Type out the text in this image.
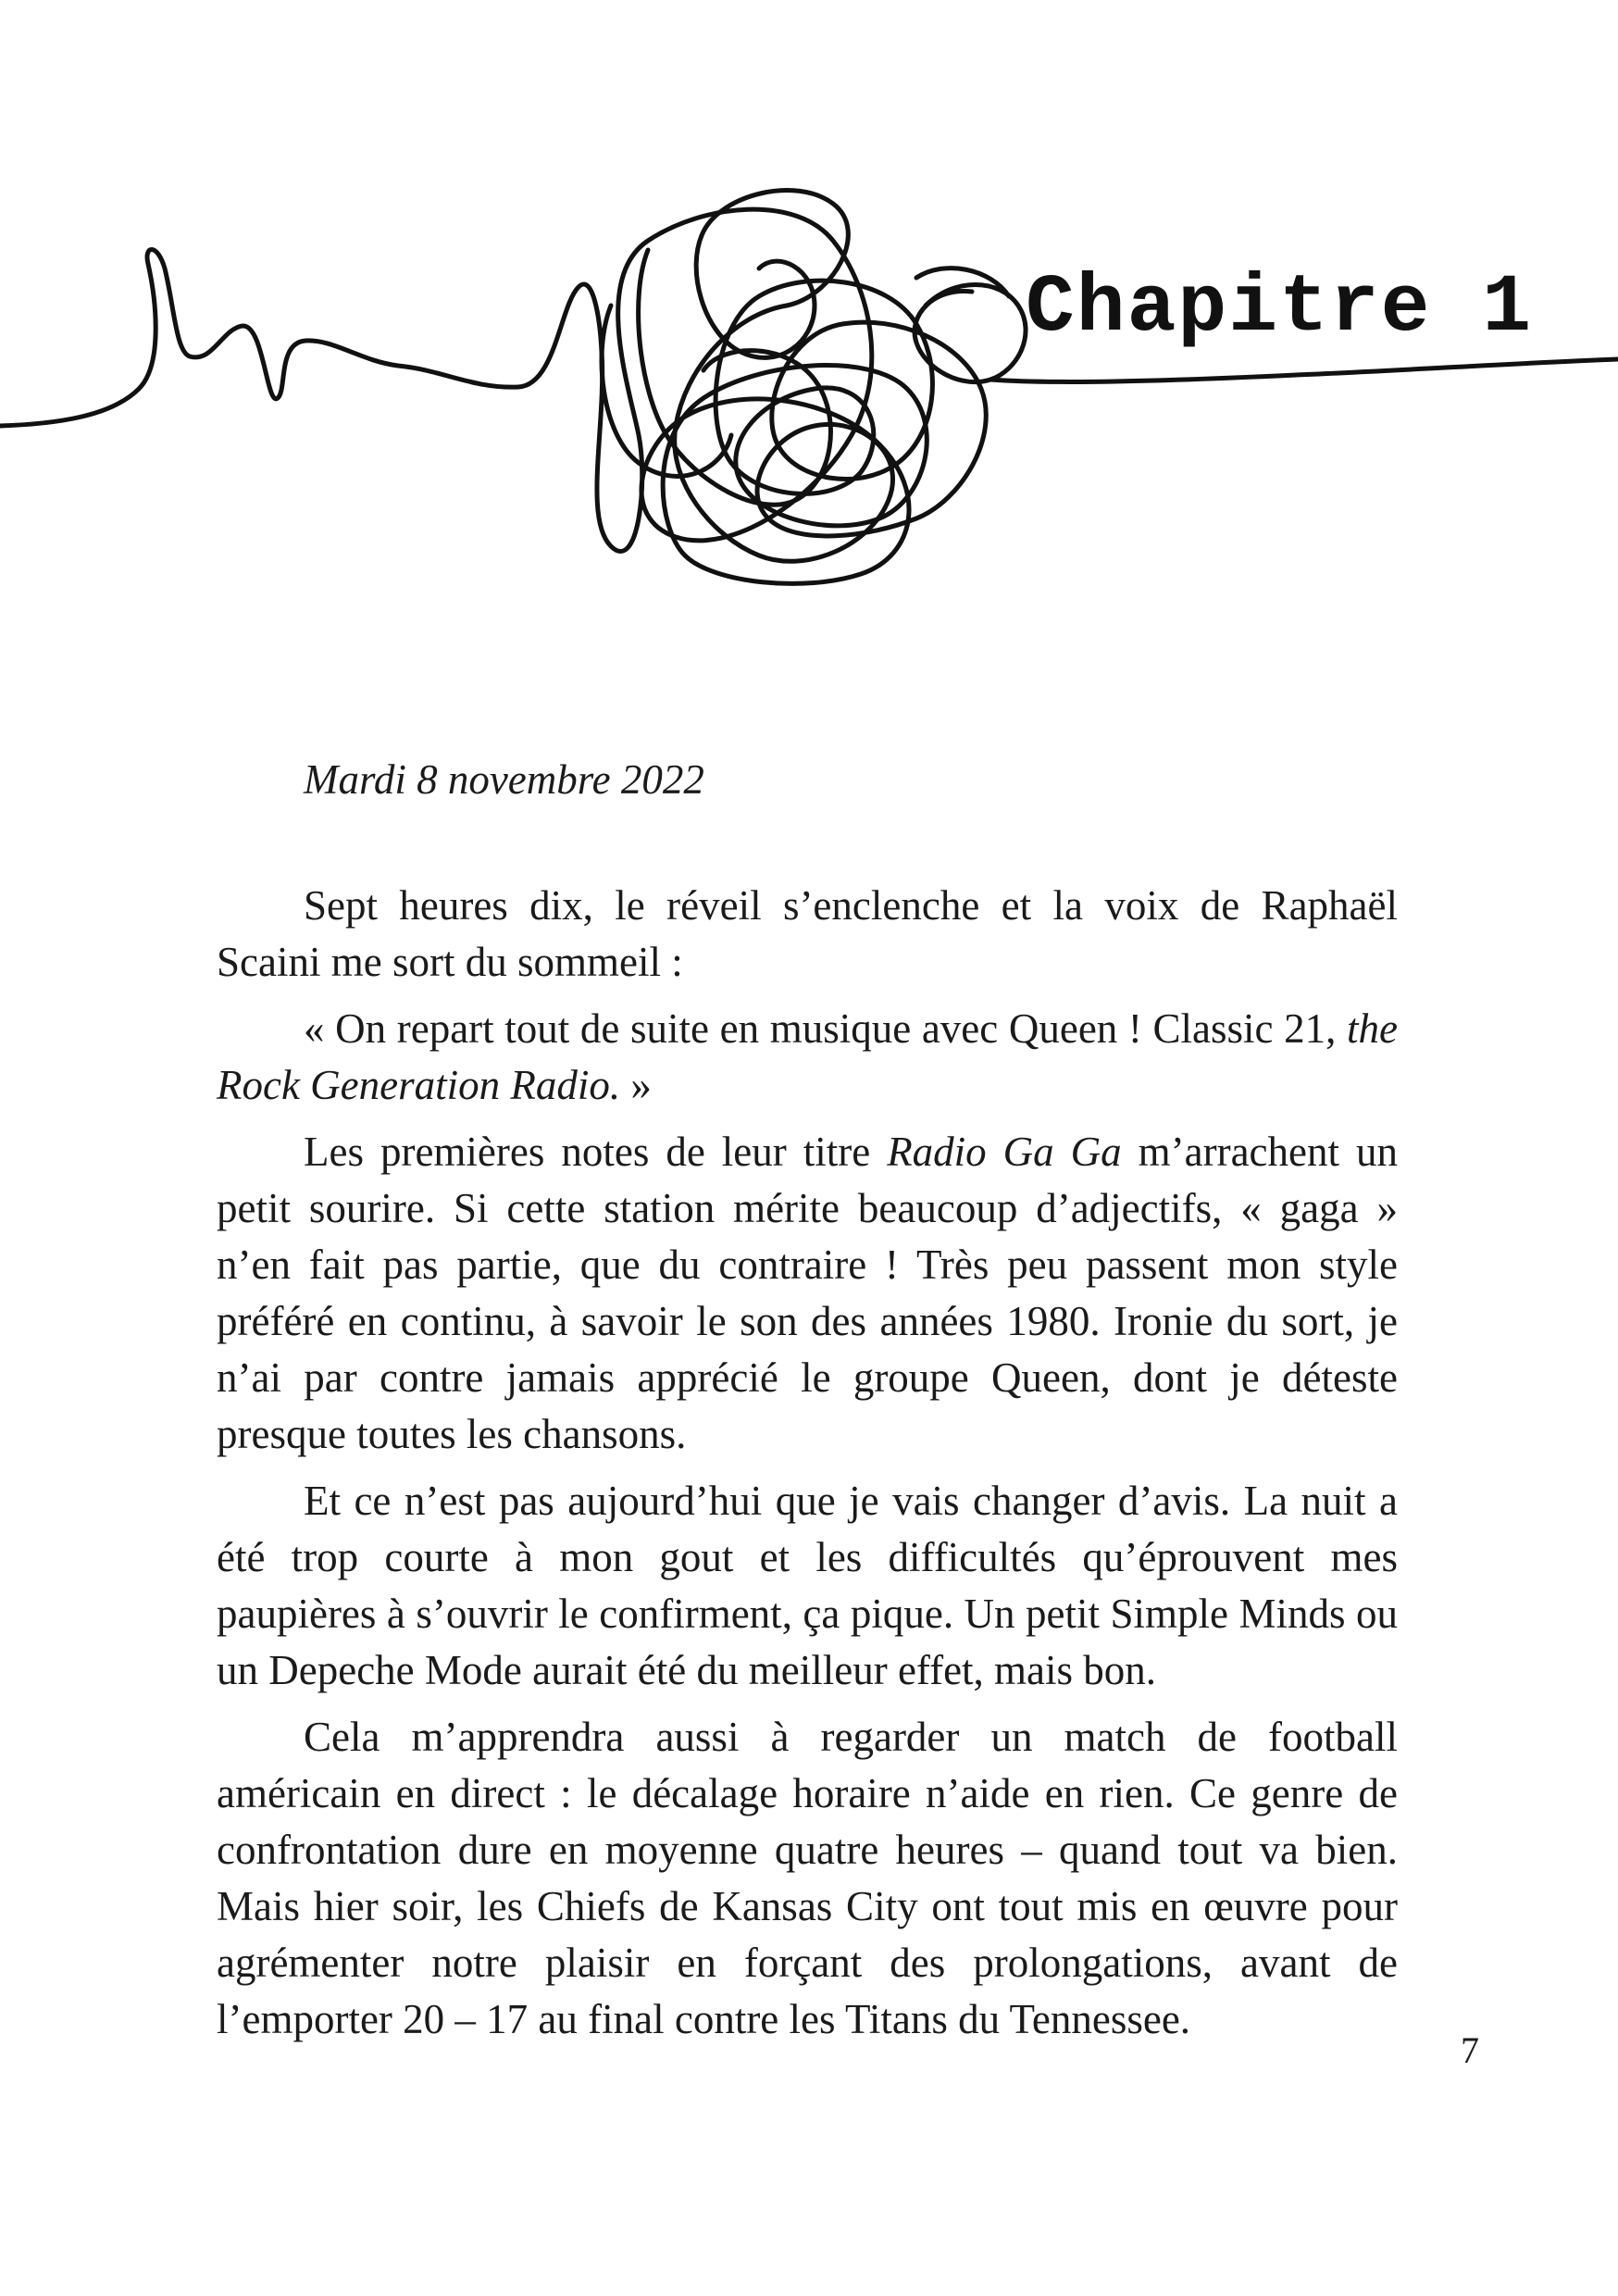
Chapitre 1
Mardi 8 novembre 2022

Sept heures dix, le réveil s’enclenche et la voix de Raphaël Scaini me sort du sommeil :

« On repart tout de suite en musique avec Queen ! Classic 21, the Rock Generation Radio. »

Les premières notes de leur titre Radio Ga Ga m’arrachent un petit sourire. Si cette station mérite beaucoup d’adjectifs, « gaga » n’en fait pas partie, que du contraire ! Très peu passent mon style préféré en continu, à savoir le son des années 1980. Ironie du sort, je n’ai par contre jamais apprécié le groupe Queen, dont je déteste presque toutes les chansons.

Et ce n’est pas aujourd’hui que je vais changer d’avis. La nuit a été trop courte à mon gout et les difficultés qu’éprouvent mes paupières à s’ouvrir le confirment, ça pique. Un petit Simple Minds ou un Depeche Mode aurait été du meilleur effet, mais bon.

Cela m’apprendra aussi à regarder un match de football américain en direct : le décalage horaire n’aide en rien. Ce genre de confrontation dure en moyenne quatre heures – quand tout va bien. Mais hier soir, les Chiefs de Kansas City ont tout mis en œuvre pour agrémenter notre plaisir en forçant des prolongations, avant de l’emporter 20 – 17 au final contre les Titans du Tennessee.

7
